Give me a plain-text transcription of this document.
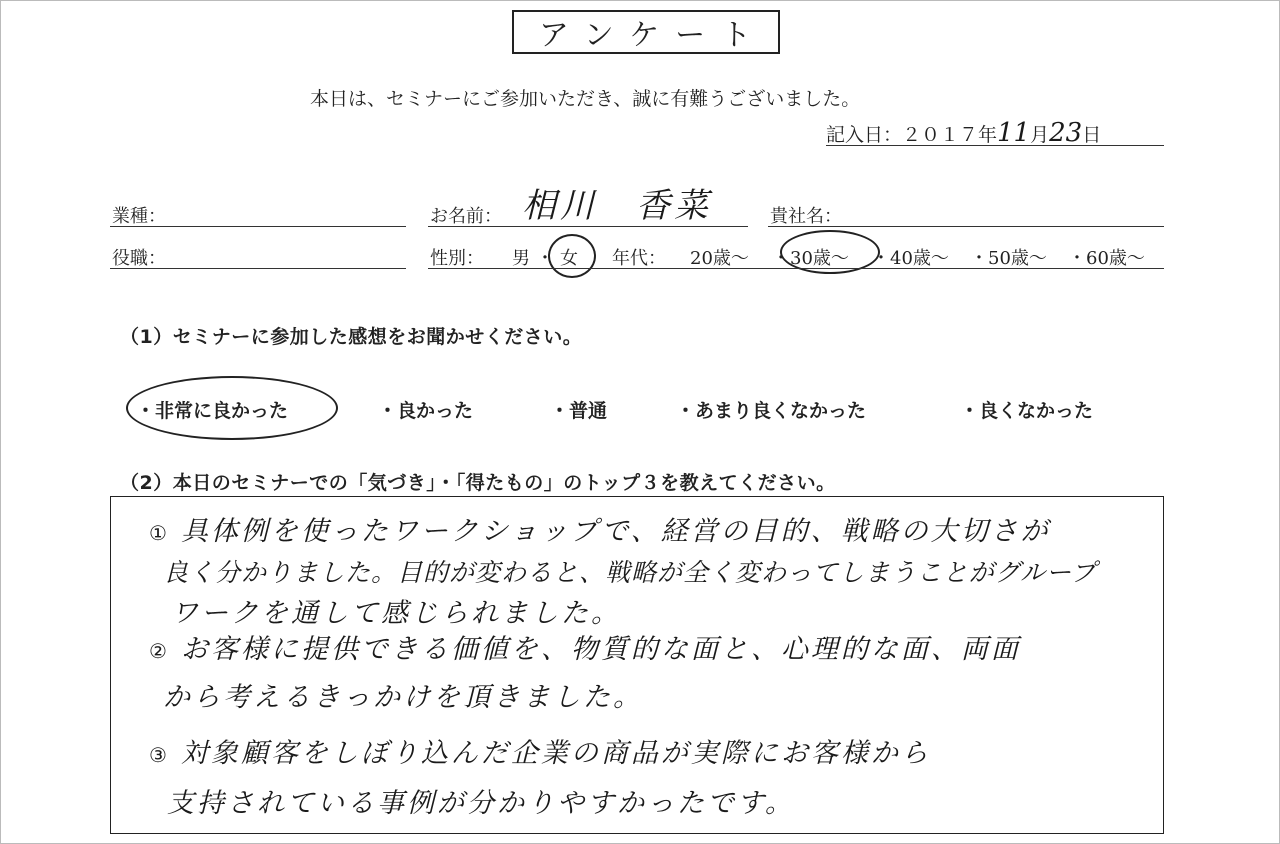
アンケート
本日は、セミナーにご参加いただき、誠に有難うございました。
記入日：２０１７年11月23日
業種：	お名前： 相川　香菜	貴社名：
役職：	性別： 男 ・ 女 年代： 20歳～ ・ 30歳～ ・ 40歳～ ・ 50歳～ ・ 60歳～
（1）セミナーに参加した感想をお聞かせください。
・非常に良かった	・良かった	・普通	・あまり良くなかった	・良くなかった
（2）本日のセミナーでの「気づき」・「得たもの」のトップ３を教えてください。
① 具体例を使ったワークショップで、経営の目的、戦略の大切さが
良く分かりました。目的が変わると、戦略が全く変わってしまうことがグループ
ワークを通して感じられました。
② お客様に提供できる価値を、物質的な面と、心理的な面、両面
から考えるきっかけを頂きました。
③ 対象顧客をしぼり込んだ企業の商品が実際にお客様から
支持されている事例が分かりやすかったです。
